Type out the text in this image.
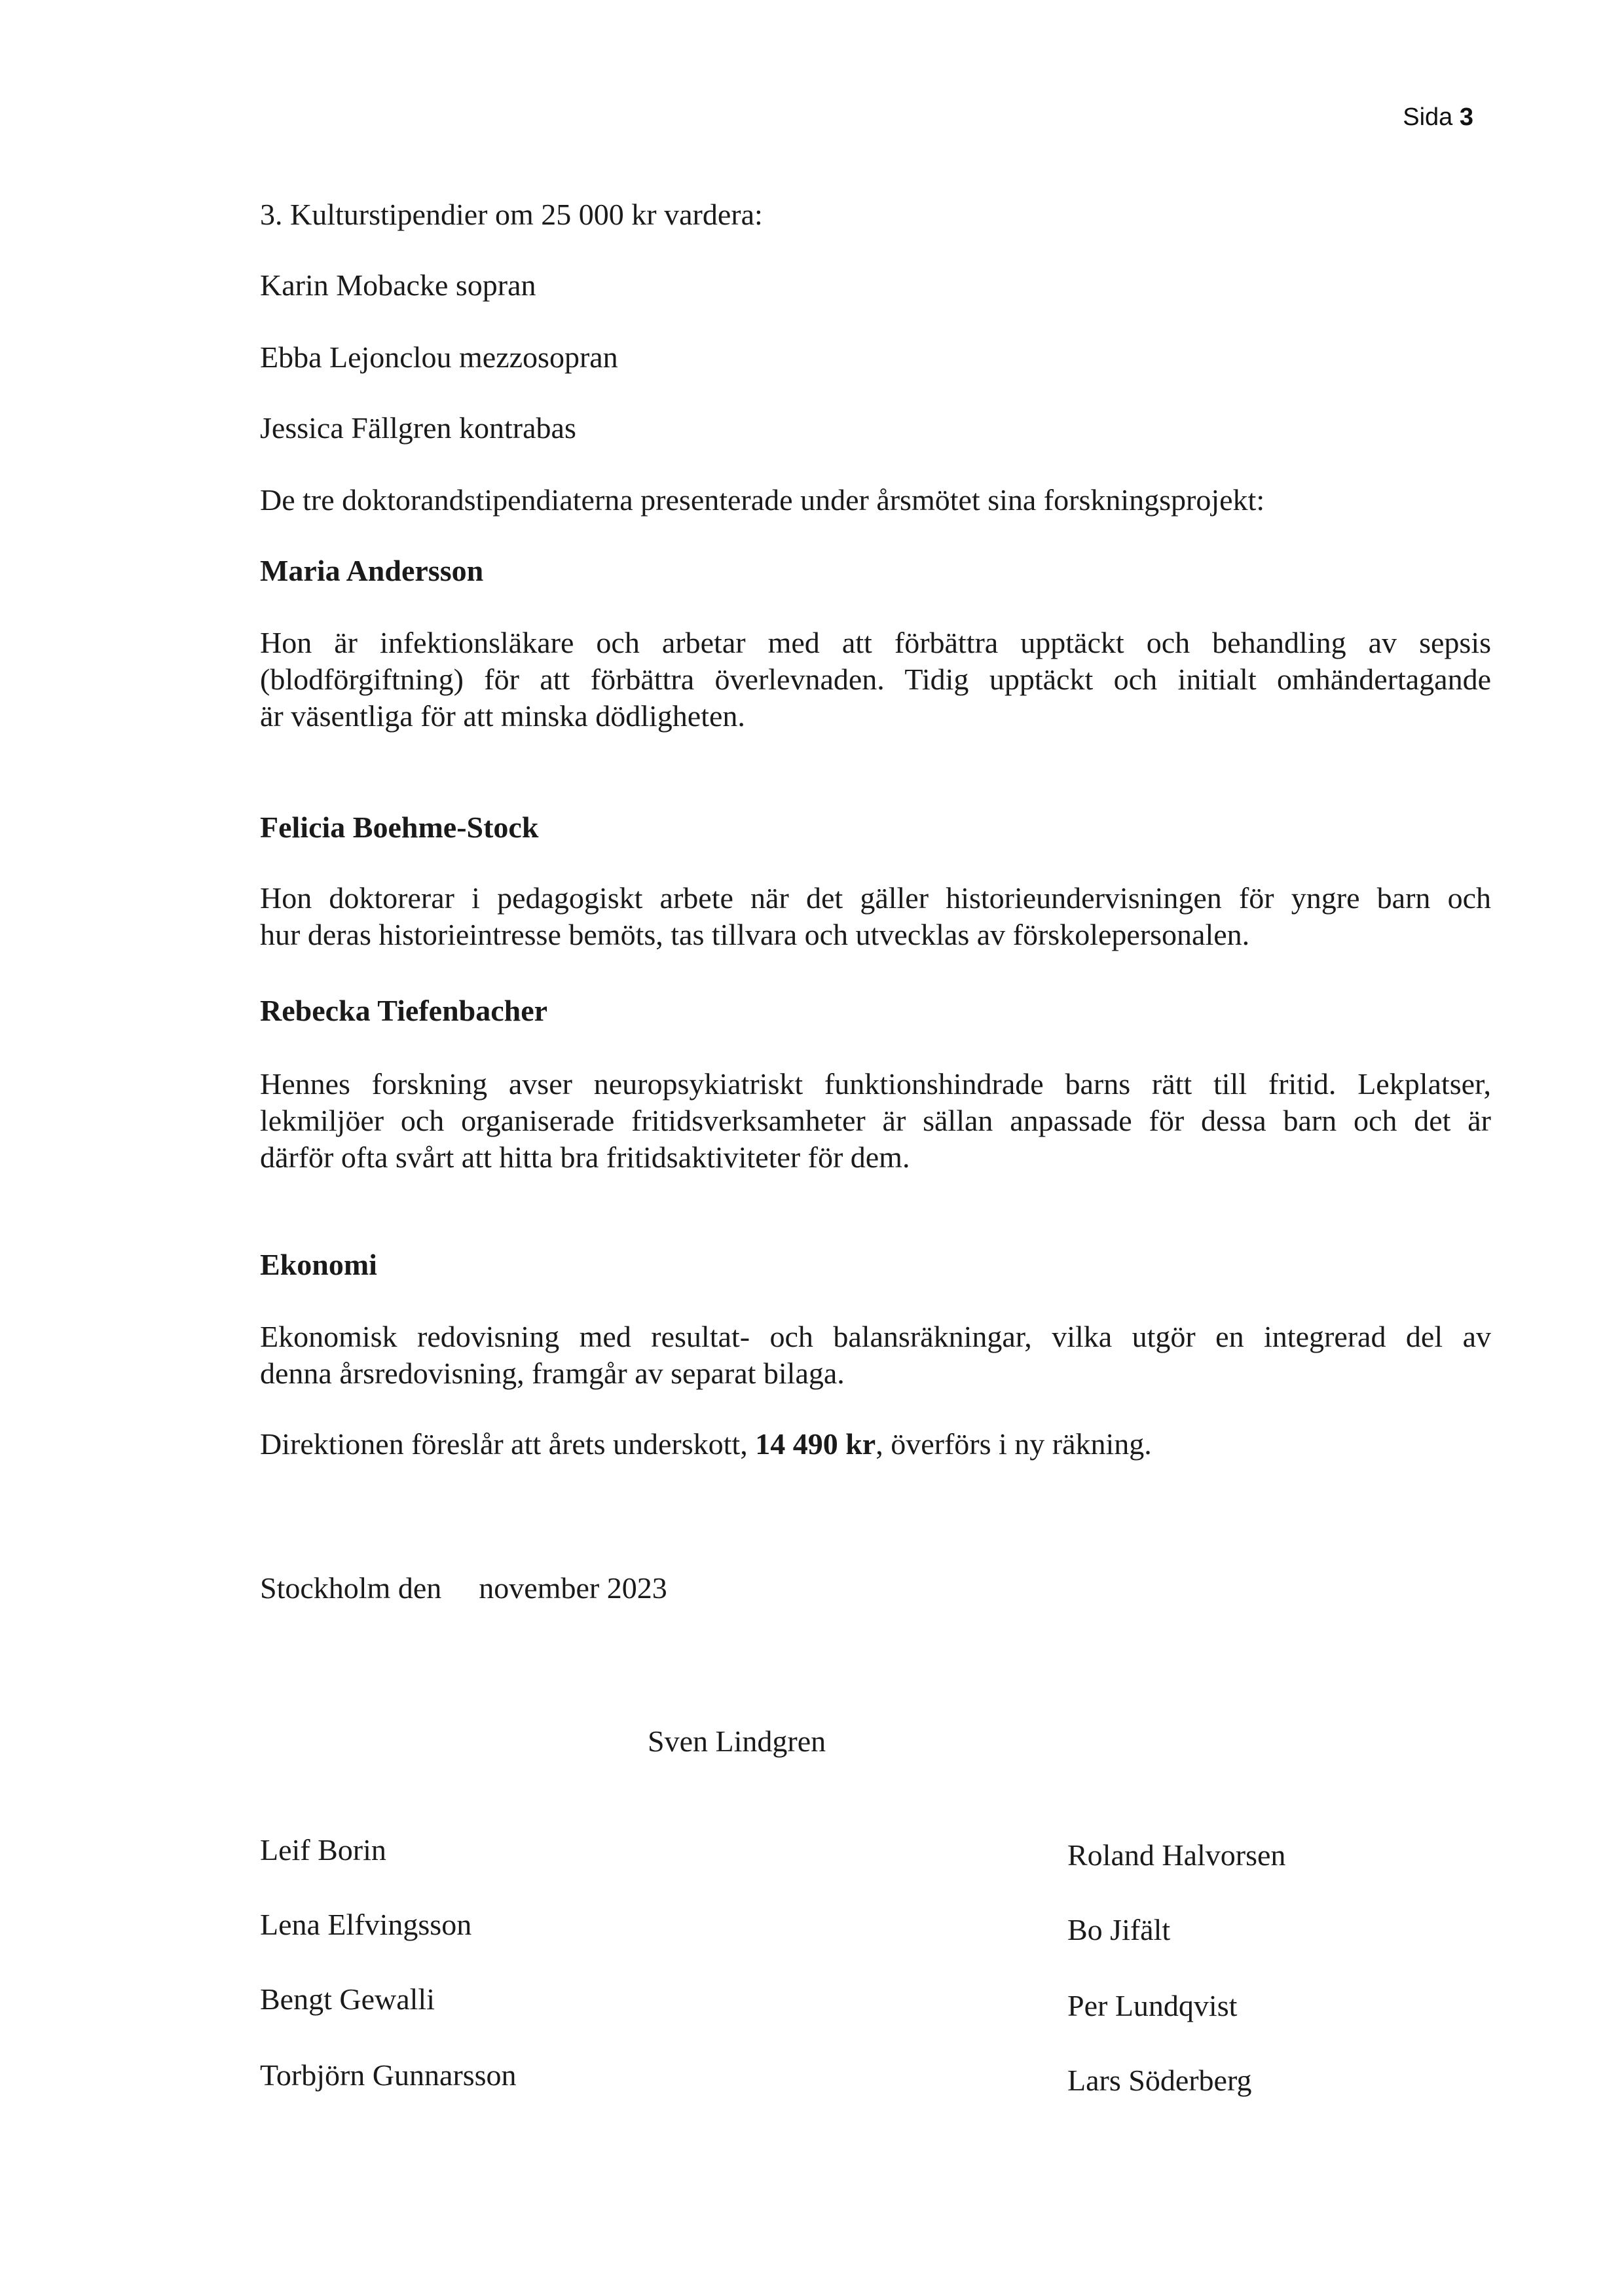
Sida 3
3. Kulturstipendier om 25 000 kr vardera:
Karin Mobacke sopran
Ebba Lejonclou mezzosopran
Jessica Fällgren kontrabas
De tre doktorandstipendiaterna presenterade under årsmötet sina forskningsprojekt:
Maria Andersson

Hon är infektionsläkare och arbetar med att förbättra upptäckt och behandling av sepsis

(blodförgiftning) för att förbättra överlevnaden. Tidig upptäckt och initialt omhändertagande

är väsentliga för att minska dödligheten.

Felicia Boehme-Stock

Hon doktorerar i pedagogiskt arbete när det gäller historieundervisningen för yngre barn och

hur deras historieintresse bemöts, tas tillvara och utvecklas av förskolepersonalen.

Rebecka Tiefenbacher

Hennes forskning avser neuropsykiatriskt funktionshindrade barns rätt till fritid. Lekplatser,

lekmiljöer och organiserade fritidsverksamheter är sällan anpassade för dessa barn och det är

därför ofta svårt att hitta bra fritidsaktiviteter för dem.

Ekonomi

Ekonomisk redovisning med resultat- och balansräkningar, vilka utgör en integrerad del av

denna årsredovisning, framgår av separat bilaga.

Direktionen föreslår att årets underskott, 14 490 kr, överförs i ny räkning.
Stockholm den november 2023
Sven Lindgren
Leif Borin
Lena Elfvingsson
Bengt Gewalli
Torbjörn Gunnarsson
Roland Halvorsen
Bo Jifält
Per Lundqvist
Lars Söderberg
